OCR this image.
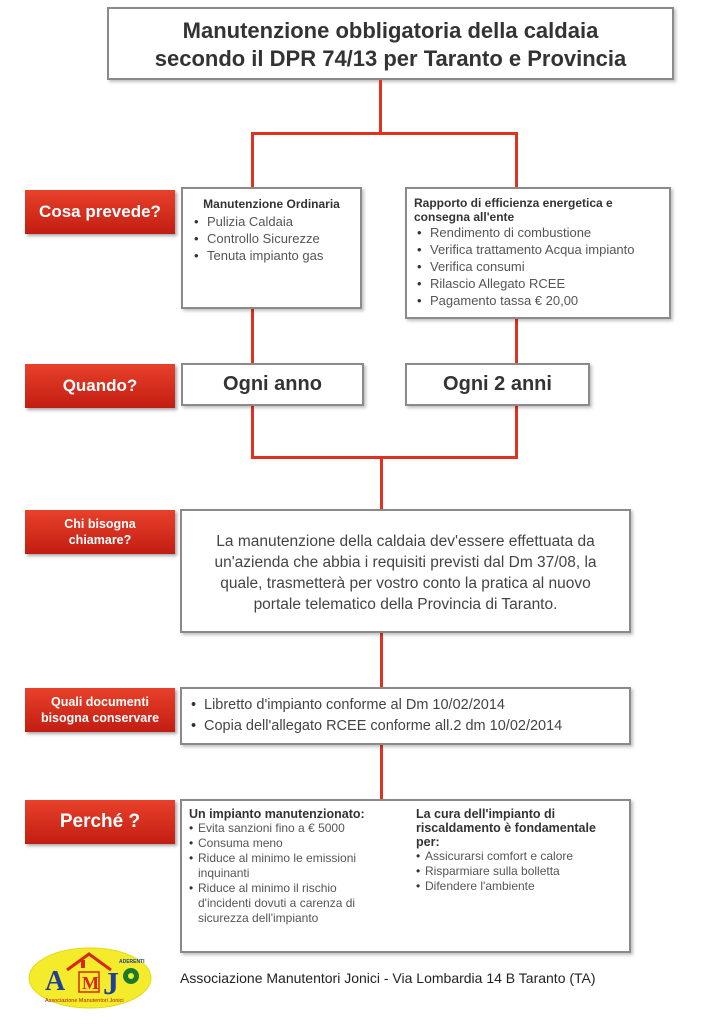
Manutenzione obbligatoria della caldaia
secondo il DPR 74/13 per Taranto e Provincia
Cosa prevede?
Quando?
Chi bisogna
chiamare?
Quali documenti
bisogna conservare
Perché ?
Manutenzione Ordinaria
• Pulizia Caldaia
• Controllo Sicurezze
• Tenuta impianto gas
Rapporto di efficienza energetica e
consegna all'ente
• Rendimento di combustione
• Verifica trattamento Acqua impianto
• Verifica consumi
• Rilascio Allegato RCEE
• Pagamento tassa € 20,00
Ogni anno	Ogni 2 anni
La manutenzione della caldaia dev'essere effettuata da
un'azienda che abbia i requisiti previsti dal Dm 37/08, la
quale, trasmetterà per vostro conto la pratica al nuovo
portale telematico della Provincia di Taranto.
• Libretto d'impianto conforme al Dm 10/02/2014
• Copia dell'allegato RCEE conforme all.2 dm 10/02/2014
Un impianto manutenzionato:
• Evita sanzioni fino a € 5000
• Consuma meno
• Riduce al minimo le emissioni inquinanti
• Riduce al minimo il rischio d'incidenti dovuti a carenza di sicurezza dell'impianto
La cura dell'impianto di
riscaldamento è fondamentale
per:
• Assicurarsi comfort e calore
• Risparmiare sulla bolletta
• Difendere l'ambiente
A M J
ADERENTI
Associazione Manutentori Jonici
Associazione Manutentori Jonici - Via Lombardia 14 B Taranto (TA)
